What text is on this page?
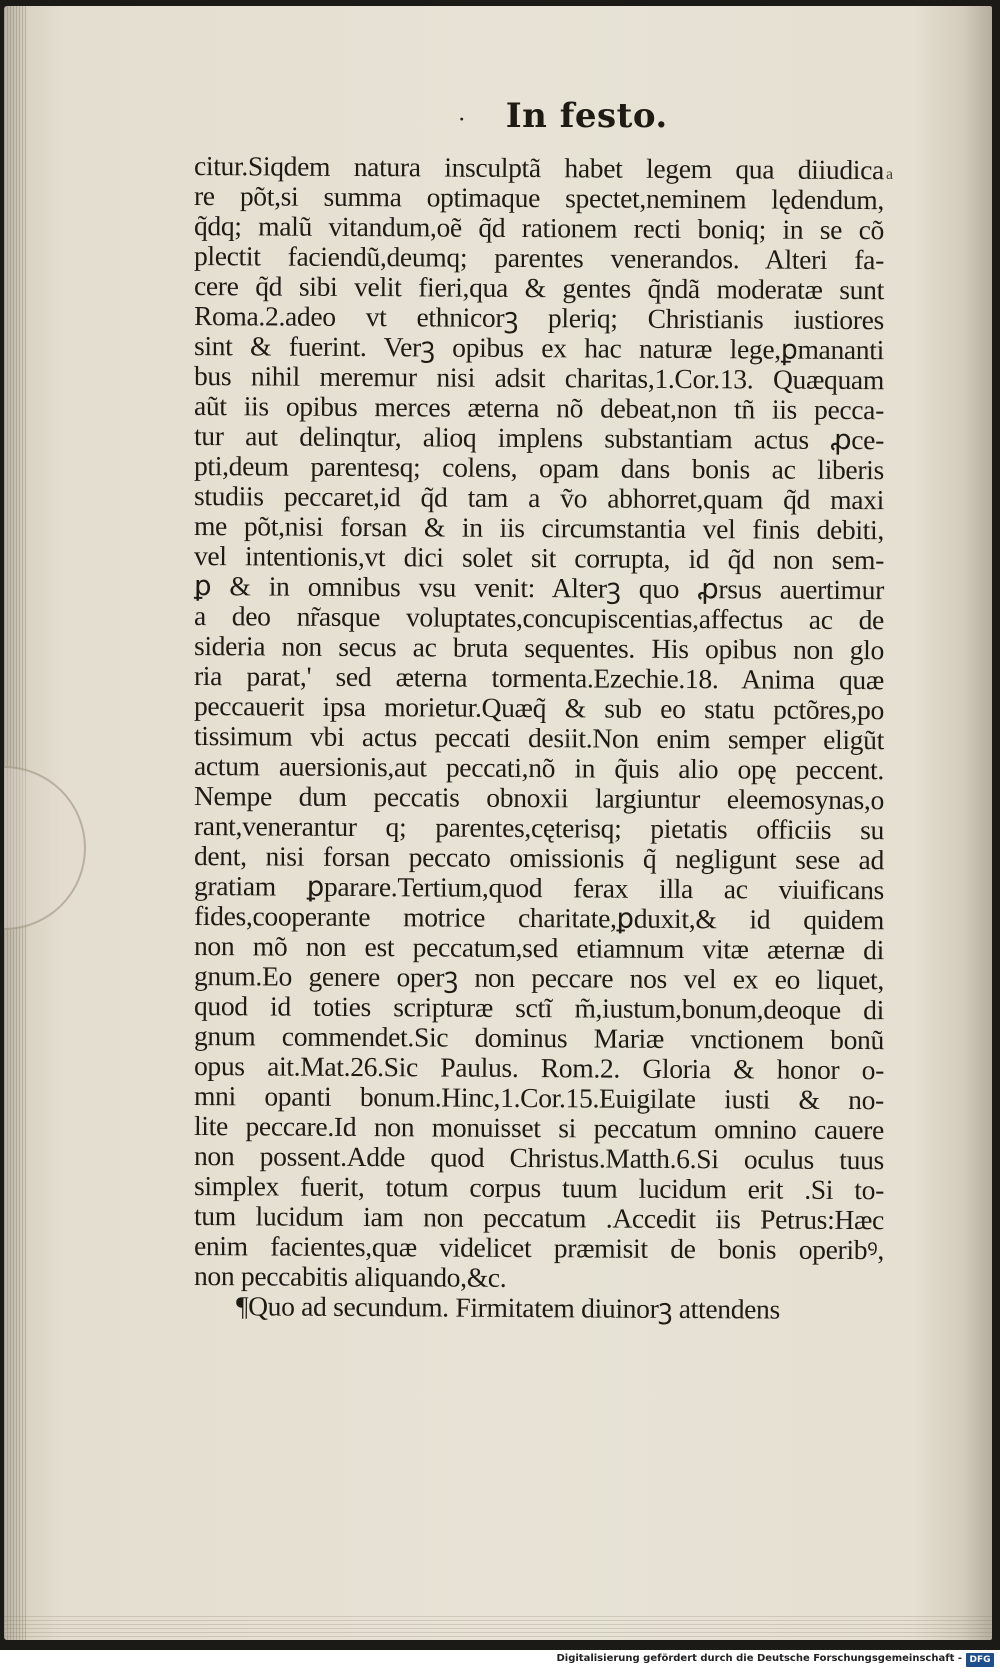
· In festo.
citur.Siqdem natura insculptã habet legem qua diiudica
re põt,si summa optimaque spectet,neminem lędendum,
q̃dq; malũ vitandum,oẽ q̃d rationem recti boniq; in se cõ
plectit faciendũ,deumq; parentes venerandos. Alteri fa-
cere q̃d sibi velit fieri,qua & gentes q̃ndã moderatæ sunt
Roma.2.adeo vt ethnicorꝫ pleriq; Christianis iustiores
sint & fuerint. Verꝫ opibus ex hac naturæ lege,ꝑmananti
bus nihil meremur nisi adsit charitas,1.Cor.13. Quæquam
aũt iis opibus merces æterna nõ debeat,non tñ iis pecca-
tur aut delinqtur, alioq implens substantiam actus ꝓce-
pti,deum parentesq; colens, opam dans bonis ac liberis
studiis peccaret,id q̃d tam a ṽo abhorret,quam q̃d maxi
me põt,nisi forsan & in iis circumstantia vel finis debiti,
vel intentionis,vt dici solet sit corrupta, id q̃d non sem-
ꝑ & in omnibus vsu venit: Alterꝫ quo ꝓrsus auertimur
a deo nr̃asque voluptates,concupiscentias,affectus ac de
sideria non secus ac bruta sequentes. His opibus non glo
ria parat,' sed æterna tormenta.Ezechie.18. Anima quæ
peccauerit ipsa morietur.Quæq̃ & sub eo statu pctõres,po
tissimum vbi actus peccati desiit.Non enim semper eligũt
actum auersionis,aut peccati,nõ in q̃uis alio opę peccent.
Nempe dum peccatis obnoxii largiuntur eleemosynas,o
rant,venerantur q; parentes,cęterisq; pietatis officiis su
dent, nisi forsan peccato omissionis q̃ negligunt sese ad
gratiam ꝑparare.Tertium,quod ferax illa ac viuificans
fides,cooperante motrice charitate,ꝑduxit,& id quidem
non mõ non est peccatum,sed etiamnum vitæ æternæ di
gnum.Eo genere operꝫ non peccare nos vel ex eo liquet,
quod id toties scripturæ sctĩ m̃,iustum,bonum,deoque di
gnum commendet.Sic dominus Mariæ vnctionem bonũ
opus ait.Mat.26.Sic Paulus. Rom.2. Gloria & honor o-
mni opanti bonum.Hinc,1.Cor.15.Euigilate iusti & no-
lite peccare.Id non monuisset si peccatum omnino cauere
non possent.Adde quod Christus.Matth.6.Si oculus tuus
simplex fuerit, totum corpus tuum lucidum erit .Si to-
tum lucidum iam non peccatum .Accedit iis Petrus:Hæc
enim facientes,quæ videlicet præmisit de bonis operibꝰ,
non peccabitis aliquando,&c.
¶Quo ad secundum. Firmitatem diuinorꝫ attendens
a
Digitalisierung gefördert durch die Deutsche Forschungsgemeinschaft - DFG
